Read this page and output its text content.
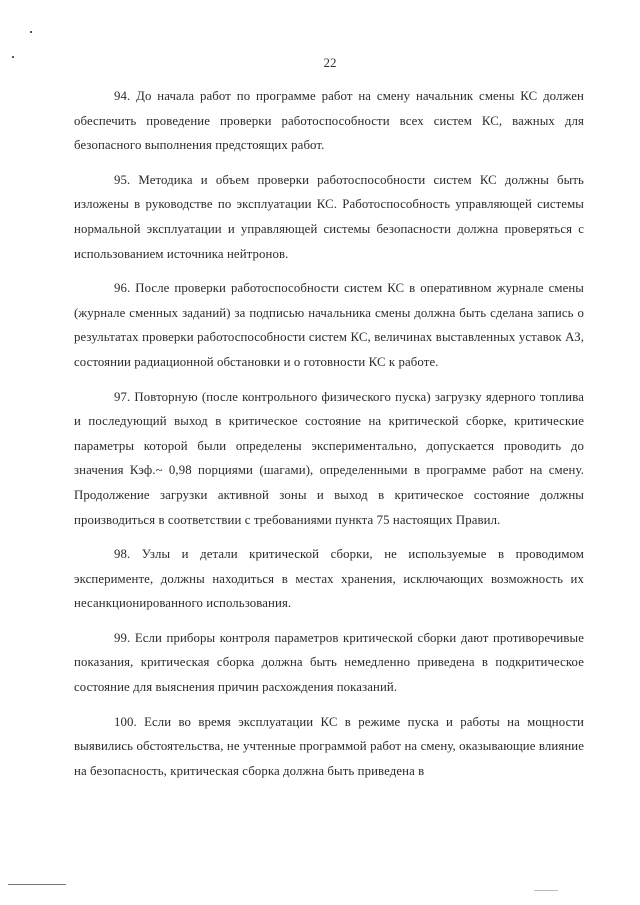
22

94. До начала работ по программе работ на смену начальник смены КС должен обеспечить проведение проверки работоспособности всех систем КС, важных для безопасного выполнения предстоящих работ.

95. Методика и объем проверки работоспособности систем КС должны быть изложены в руководстве по эксплуатации КС. Работоспособность управляющей системы нормальной эксплуатации и управляющей системы безопасности должна проверяться с использованием источника нейтронов.

96. После проверки работоспособности систем КС в оперативном журнале смены (журнале сменных заданий) за подписью начальника смены должна быть сделана запись о результатах проверки работоспособности систем КС, величинах выставленных уставок АЗ, состоянии радиационной обстановки и о готовности КС к работе.

97. Повторную (после контрольного физического пуска) загрузку ядерного топлива и последующий выход в критическое состояние на критической сборке, критические параметры которой были определены экспериментально, допускается проводить до значения Кэф.~ 0,98 порциями (шагами), определенными в программе работ на смену. Продолжение загрузки активной зоны и выход в критическое состояние должны производиться в соответствии с требованиями пункта 75 настоящих Правил.

98. Узлы и детали критической сборки, не используемые в проводимом эксперименте, должны находиться в местах хранения, исключающих возможность их несанкционированного использования.

99. Если приборы контроля параметров критической сборки дают противоречивые показания, критическая сборка должна быть немедленно приведена в подкритическое состояние для выяснения причин расхождения показаний.

100. Если во время эксплуатации КС в режиме пуска и работы на мощности выявились обстоятельства, не учтенные программой работ на смену, оказывающие влияние на безопасность, критическая сборка должна быть приведена в
